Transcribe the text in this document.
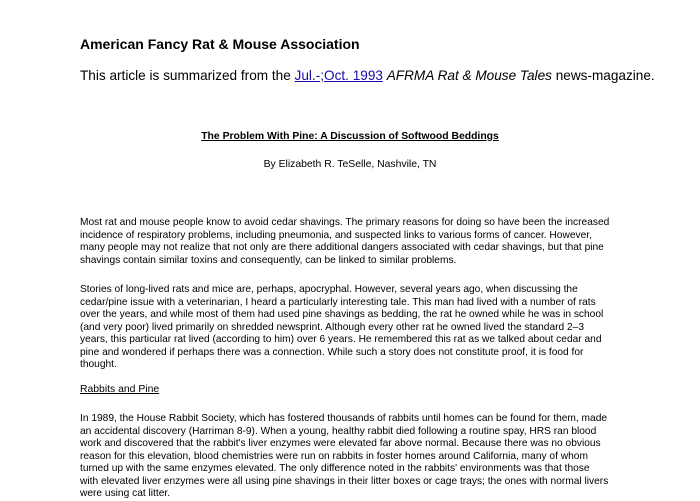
American Fancy Rat & Mouse Association
This article is summarized from the Jul.-;Oct. 1993 AFRMA Rat & Mouse Tales news-magazine.
The Problem With Pine: A Discussion of Softwood Beddings
By Elizabeth R. TeSelle, Nashvile, TN
Most rat and mouse people know to avoid cedar shavings. The primary reasons for doing so have been the increased
incidence of respiratory problems, including pneumonia, and suspected links to various forms of cancer. However,
many people may not realize that not only are there additional dangers associated with cedar shavings, but that pine
shavings contain similar toxins and consequently, can be linked to similar problems.
Stories of long-lived rats and mice are, perhaps, apocryphal. However, several years ago, when discussing the
cedar/pine issue with a veterinarian, I heard a particularly interesting tale. This man had lived with a number of rats
over the years, and while most of them had used pine shavings as bedding, the rat he owned while he was in school
(and very poor) lived primarily on shredded newsprint. Although every other rat he owned lived the standard 2–3
years, this particular rat lived (according to him) over 6 years. He remembered this rat as we talked about cedar and
pine and wondered if perhaps there was a connection. While such a story does not constitute proof, it is food for
thought.
Rabbits and Pine
In 1989, the House Rabbit Society, which has fostered thousands of rabbits until homes can be found for them, made
an accidental discovery (Harriman 8-9). When a young, healthy rabbit died following a routine spay, HRS ran blood
work and discovered that the rabbit's liver enzymes were elevated far above normal. Because there was no obvious
reason for this elevation, blood chemistries were run on rabbits in foster homes around California, many of whom
turned up with the same enzymes elevated. The only difference noted in the rabbits' environments was that those
with elevated liver enzymes were all using pine shavings in their litter boxes or cage trays; the ones with normal livers
were using cat litter.
